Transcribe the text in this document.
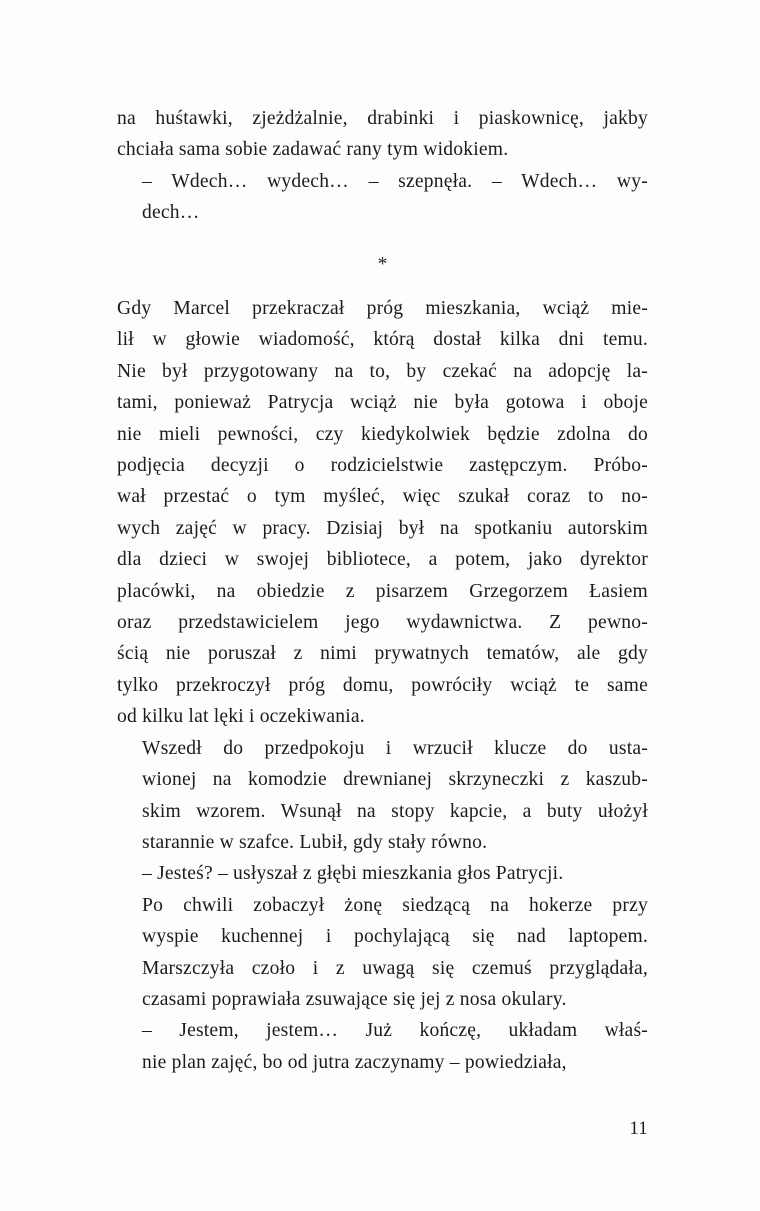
na huśtawki, zjeżdżalnie, drabinki i piaskownicę, jakby
chciała sama sobie zadawać rany tym widokiem.

– Wdech… wydech… – szepnęła. – Wdech… wy-
dech…

*

Gdy Marcel przekraczał próg mieszkania, wciąż mie-
lił w głowie wiadomość, którą dostał kilka dni temu.
Nie był przygotowany na to, by czekać na adopcję la-
tami, ponieważ Patrycja wciąż nie była gotowa i oboje
nie mieli pewności, czy kiedykolwiek będzie zdolna do
podjęcia decyzji o rodzicielstwie zastępczym. Próbo-
wał przestać o tym myśleć, więc szukał coraz to no-
wych zajęć w pracy. Dzisiaj był na spotkaniu autorskim
dla dzieci w swojej bibliotece, a potem, jako dyrektor
placówki, na obiedzie z pisarzem Grzegorzem Łasiem
oraz przedstawicielem jego wydawnictwa. Z pewno-
ścią nie poruszał z nimi prywatnych tematów, ale gdy
tylko przekroczył próg domu, powróciły wciąż te same
od kilku lat lęki i oczekiwania.

Wszedł do przedpokoju i wrzucił klucze do usta-
wionej na komodzie drewnianej skrzyneczki z kaszub-
skim wzorem. Wsunął na stopy kapcie, a buty ułożył
starannie w szafce. Lubił, gdy stały równo.

– Jesteś? – usłyszał z głębi mieszkania głos Patrycji.

Po chwili zobaczył żonę siedzącą na hokerze przy
wyspie kuchennej i pochylającą się nad laptopem.
Marszczyła czoło i z uwagą się czemuś przyglądała,
czasami poprawiała zsuwające się jej z nosa okulary.

– Jestem, jestem… Już kończę, układam właś-
nie plan zajęć, bo od jutra zaczynamy – powiedziała,

11
